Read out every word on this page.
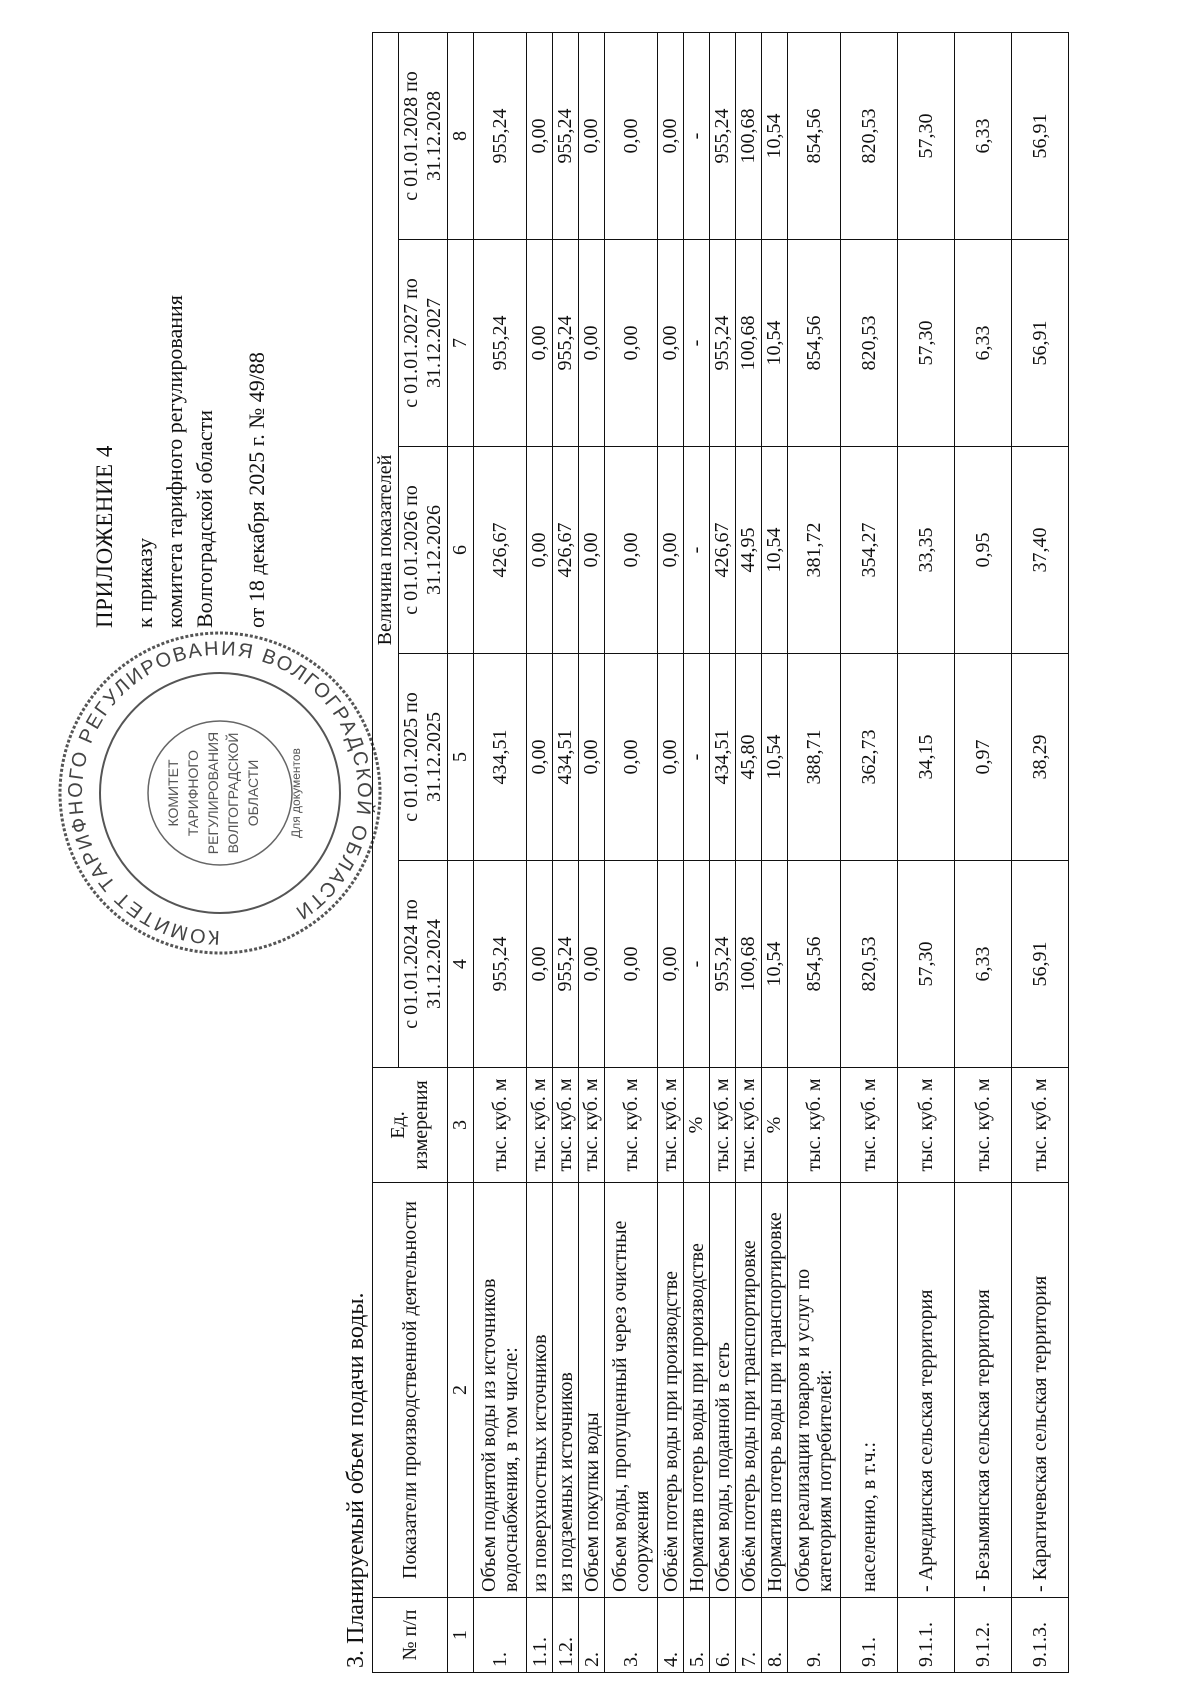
КОМИТЕТ ТАРИФНОГО РЕГУЛИРОВАНИЯ ВОЛГОГРАДСКОЙ ОБЛАСТИ
КОМИТЕТ ТАРИФНОГО РЕГУЛИРОВАНИЯ ВОЛГОГРАДСКОЙ ОБЛАСТИ Для документов
ПРИЛОЖЕНИЕ 4 к приказу комитета тарифного регулирования Волгоградской области от 18 декабря 2025 г. № 49/88
3. Планируемый объем подачи воды. № п/п	Показатели производственной деятельности	Ед. измерения	Величина показателей				
			с 01.01.2024 по 31.12.2024	с 01.01.2025 по 31.12.2025	с 01.01.2026 по 31.12.2026	с 01.01.2027 по 31.12.2027	с 01.01.2028 по 31.12.2028
1	2	3	4	5	6	7	8
1.	Объем поднятой воды из источников водоснабжения, в том числе:	тыс. куб. м	955,24	434,51	426,67	955,24	955,24
1.1.	из поверхностных источников	тыс. куб. м	0,00	0,00	0,00	0,00	0,00
1.2.	из подземных источников	тыс. куб. м	955,24	434,51	426,67	955,24	955,24
2.	Объем покупки воды	тыс. куб. м	0,00	0,00	0,00	0,00	0,00
3.	Объем воды, пропущенный через очистные сооружения	тыс. куб. м	0,00	0,00	0,00	0,00	0,00
4.	Объём потерь воды при производстве	тыс. куб. м	0,00	0,00	0,00	0,00	0,00
5.	Норматив потерь воды при производстве	%	-	-	-	-	-
6.	Объем воды, поданной в сеть	тыс. куб. м	955,24	434,51	426,67	955,24	955,24
7.	Объём потерь воды при транспортировке	тыс. куб. м	100,68	45,80	44,95	100,68	100,68
8.	Норматив потерь воды при транспортировке	%	10,54	10,54	10,54	10,54	10,54
9.	Объем реализации товаров и услуг по категориям потребителей:	тыс. куб. м	854,56	388,71	381,72	854,56	854,56
9.1.	населению, в т.ч.:	тыс. куб. м	820,53	362,73	354,27	820,53	820,53
9.1.1.	- Арчединская сельская территория	тыс. куб. м	57,30	34,15	33,35	57,30	57,30
9.1.2.	- Безымянская сельская территория	тыс. куб. м	6,33	0,97	0,95	6,33	6,33
9.1.3.	- Карагичевская сельская территория	тыс. куб. м	56,91	38,29	37,40	56,91	56,91
